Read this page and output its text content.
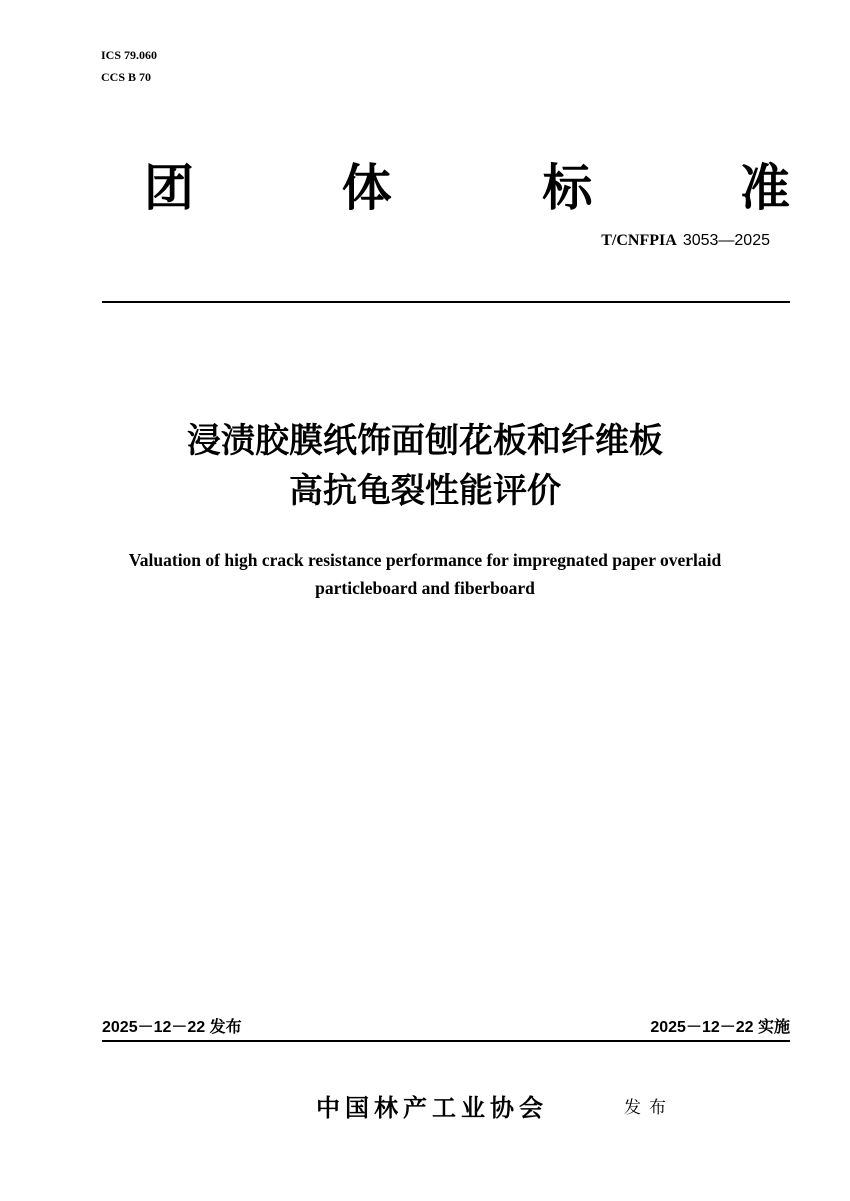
ICS 79.060
CCS B 70
团	体	标	准
T/CNFPIA 3053—2025
浸渍胶膜纸饰面刨花板和纤维板
高抗龟裂性能评价
Valuation of high crack resistance performance for impregnated paper overlaid
particleboard and fiberboard
2025－12－22 发布	2025－12－22 实施
中国林产工业协会	发布
